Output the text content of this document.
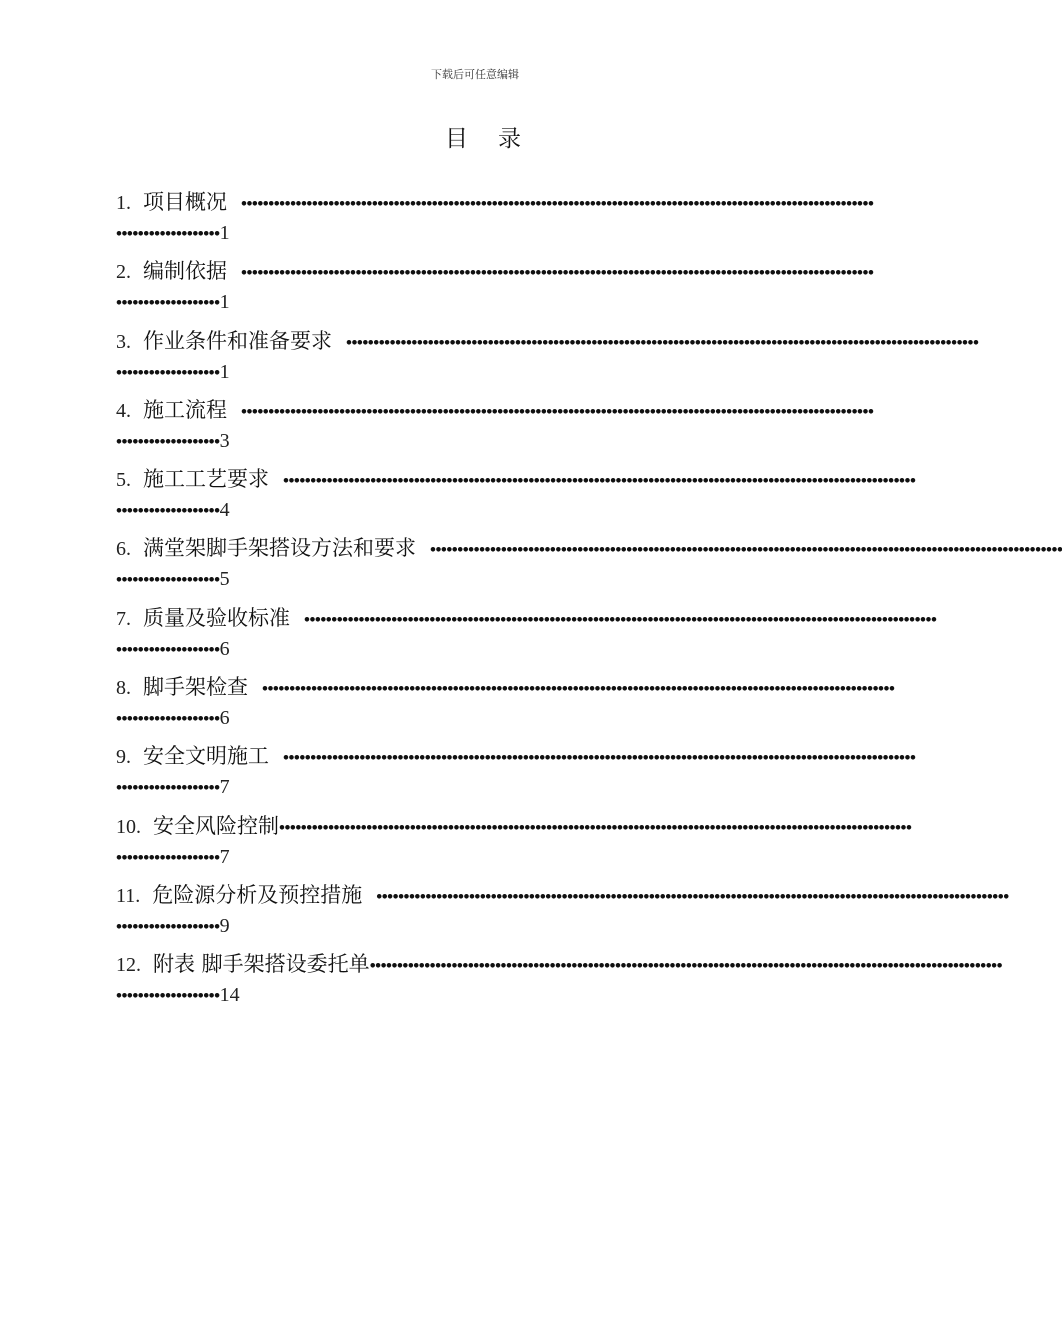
下载后可任意编辑
目录
1. 项目概况 ••••••••••••••••••••••••••••••••••••••••••••••••••••••••••••••••••••••••••••••••••••••••••••••••••••••••••••••••••••
••••••••••••••••••• 1
2. 编制依据 ••••••••••••••••••••••••••••••••••••••••••••••••••••••••••••••••••••••••••••••••••••••••••••••••••••••••••••••••••••
••••••••••••••••••• 1
3. 作业条件和准备要求 ••••••••••••••••••••••••••••••••••••••••••••••••••••••••••••••••••••••••••••••••••••••••••••••••••••••••••••••••••••
••••••••••••••••••• 1
4. 施工流程 ••••••••••••••••••••••••••••••••••••••••••••••••••••••••••••••••••••••••••••••••••••••••••••••••••••••••••••••••••••
••••••••••••••••••• 3
5. 施工工艺要求 ••••••••••••••••••••••••••••••••••••••••••••••••••••••••••••••••••••••••••••••••••••••••••••••••••••••••••••••••••••
••••••••••••••••••• 4
6. 满堂架脚手架搭设方法和要求 ••••••••••••••••••••••••••••••••••••••••••••••••••••••••••••••••••••••••••••••••••••••••••••••••••••••••••••••••••••
••••••••••••••••••• 5
7. 质量及验收标准 ••••••••••••••••••••••••••••••••••••••••••••••••••••••••••••••••••••••••••••••••••••••••••••••••••••••••••••••••••••
••••••••••••••••••• 6
8. 脚手架检查 ••••••••••••••••••••••••••••••••••••••••••••••••••••••••••••••••••••••••••••••••••••••••••••••••••••••••••••••••••••
••••••••••••••••••• 6
9. 安全文明施工 ••••••••••••••••••••••••••••••••••••••••••••••••••••••••••••••••••••••••••••••••••••••••••••••••••••••••••••••••••••
••••••••••••••••••• 7
10. 安全风险控制 ••••••••••••••••••••••••••••••••••••••••••••••••••••••••••••••••••••••••••••••••••••••••••••••••••••••••••••••••••••
••••••••••••••••••• 7
11. 危险源分析及预控措施 ••••••••••••••••••••••••••••••••••••••••••••••••••••••••••••••••••••••••••••••••••••••••••••••••••••••••••••••••••••
••••••••••••••••••• 9
12. 附表 脚手架搭设委托单 ••••••••••••••••••••••••••••••••••••••••••••••••••••••••••••••••••••••••••••••••••••••••••••••••••••••••••••••••••••
••••••••••••••••••• 14
